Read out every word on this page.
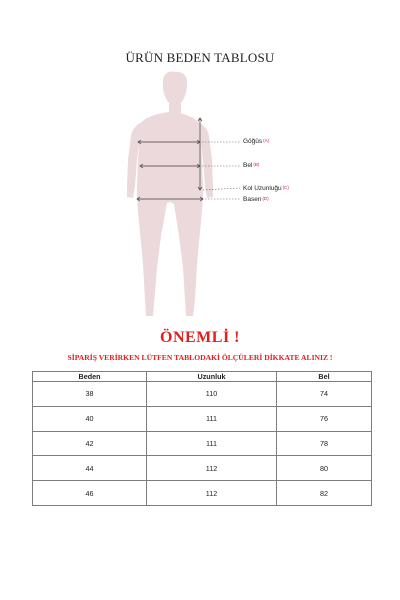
ÜRÜN BEDEN TABLOSU
Göğüs(A)
Bel(B)
Kol Uzunluğu(C)
Basen(D)
ÖNEMLİ !
SİPARİŞ VERİRKEN LÜTFEN TABLODAKİ ÖLÇÜLERİ DİKKATE ALINIZ !
Beden	Uzunluk	Bel
38	110	74
40	111	76
42	111	78
44	112	80
46	112	82
